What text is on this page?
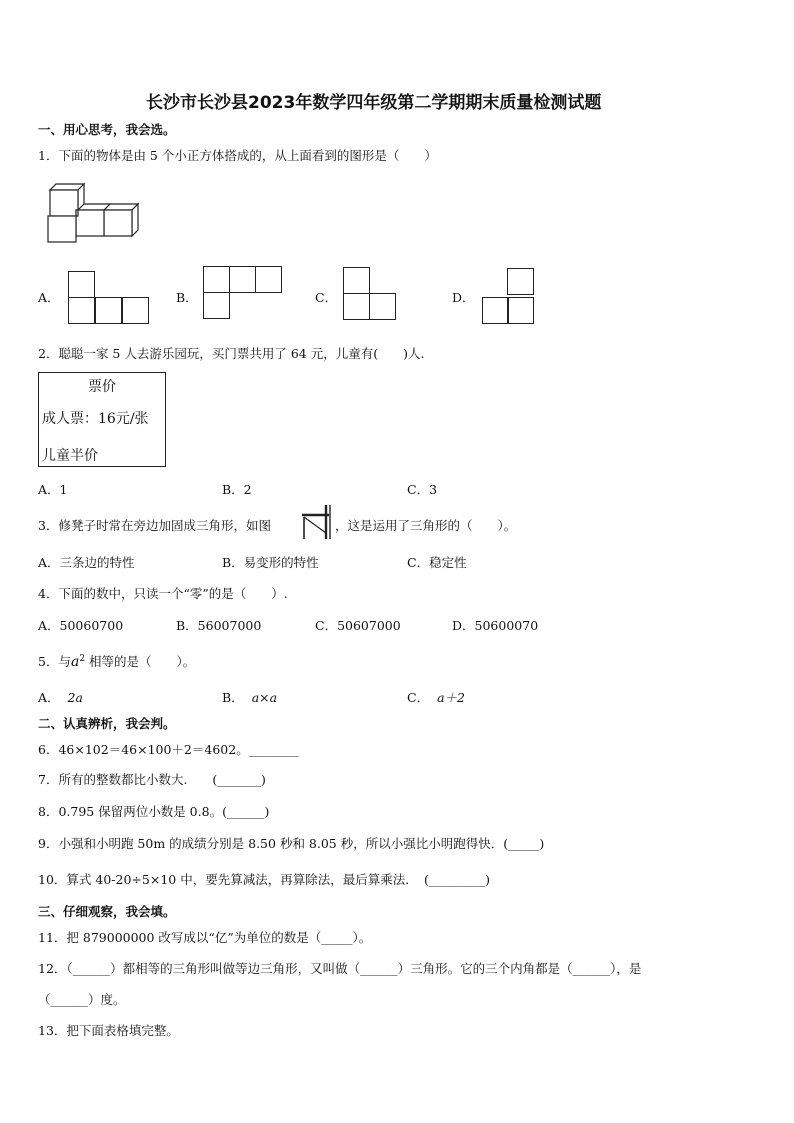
长沙市长沙县2023年数学四年级第二学期期末质量检测试题
一、用心思考，我会选。
1．下面的物体是由 5 个小正方体搭成的，从上面看到的图形是（　　）
A．	B．	C．	D．
2．聪聪一家 5 人去游乐园玩，买门票共用了 64 元，儿童有(　　)人.
票价
成人票：16元/张
儿童半价
A．1	B．2	C．3
3．修凳子时常在旁边加固成三角形，如图	，这是运用了三角形的（　　）。
A．三条边的特性	B．易变形的特性	C．稳定性
4．下面的数中，只读一个“零”的是（　　）.
A．50060700	B．56007000	C．50607000	D．50600070
5．与$a^2$ 相等的是（　　）。
A． 2a	B． a×a	C． a＋2
二、认真辨析，我会判。
6．46×102＝46×100＋2＝4602。________
7．所有的整数都比小数大.　　(_______)
8．0.795 保留两位小数是 0.8。(______)
9．小强和小明跑 50m 的成绩分别是 8.50 秒和 8.05 秒，所以小强比小明跑得快．(_____)
10．算式 40-20÷5×10 中，要先算减法，再算除法，最后算乘法．　(_________)
三、仔细观察，我会填。
11．把 879000000 改写成以“亿”为单位的数是（_____）。
12．（______）都相等的三角形叫做等边三角形，又叫做（______）三角形。它的三个内角都是（______），是
（______）度。
13．把下面表格填完整。
